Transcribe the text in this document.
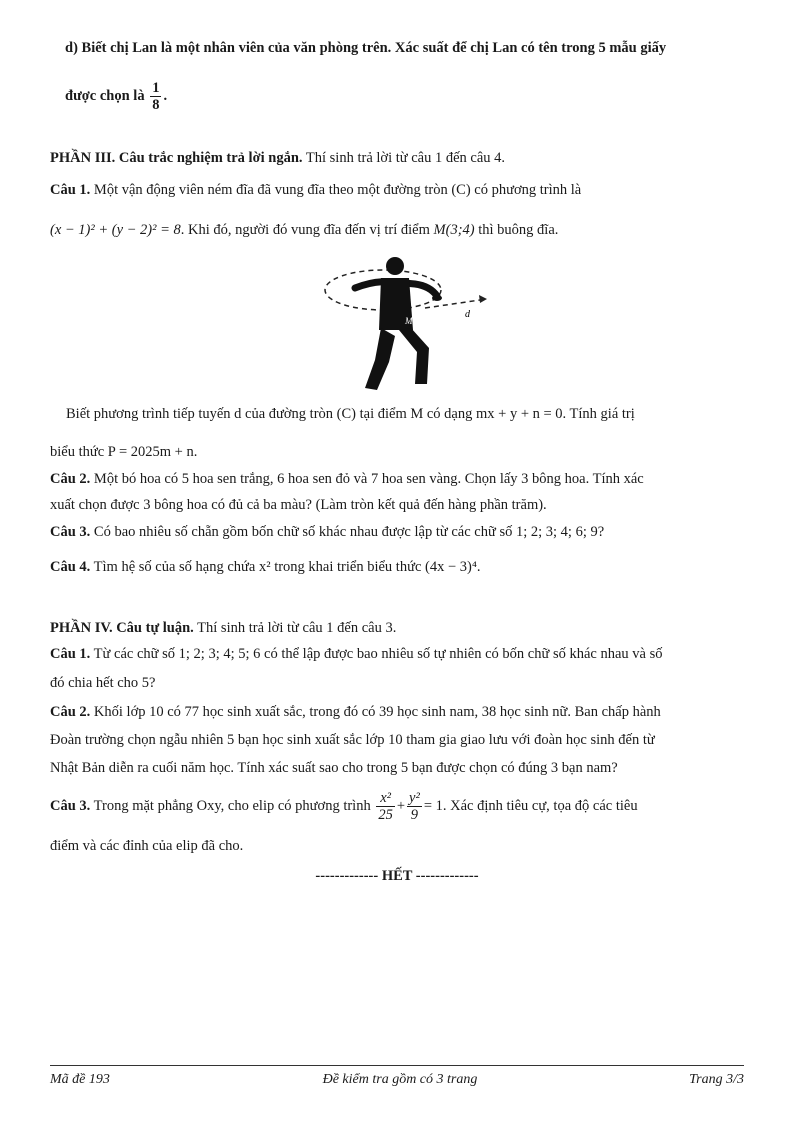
d) Biết chị Lan là một nhân viên của văn phòng trên. Xác suất để chị Lan có tên trong 5 mẫu giấy
được chọn là $\frac{1}{8}$ .
PHẦN III. Câu trắc nghiệm trả lời ngắn. Thí sinh trả lời từ câu 1 đến câu 4.
Câu 1. Một vận động viên ném đĩa đã vung đĩa theo một đường tròn (C) có phương trình là
(x − 1)² + (y − 2)² = 8. Khi đó, người đó vung đĩa đến vị trí điểm M(3;4) thì buông đĩa.
d
M
Biết phương trình tiếp tuyến d của đường tròn (C) tại điểm M có dạng mx + y + n = 0. Tính giá trị
biểu thức P = 2025m + n.
Câu 2. Một bó hoa có 5 hoa sen trắng, 6 hoa sen đỏ và 7 hoa sen vàng. Chọn lấy 3 bông hoa. Tính xác
xuất chọn được 3 bông hoa có đủ cả ba màu? (Làm tròn kết quả đến hàng phần trăm).
Câu 3. Có bao nhiêu số chẵn gồm bốn chữ số khác nhau được lập từ các chữ số 1; 2; 3; 4; 6; 9?
Câu 4. Tìm hệ số của số hạng chứa x² trong khai triển biểu thức (4x − 3)⁴.
PHẦN IV. Câu tự luận. Thí sinh trả lời từ câu 1 đến câu 3.
Câu 1. Từ các chữ số 1; 2; 3; 4; 5; 6 có thể lập được bao nhiêu số tự nhiên có bốn chữ số khác nhau và số
đó chia hết cho 5?
Câu 2. Khối lớp 10 có 77 học sinh xuất sắc, trong đó có 39 học sinh nam, 38 học sinh nữ. Ban chấp hành
Đoàn trường chọn ngẫu nhiên 5 bạn học sinh xuất sắc lớp 10 tham gia giao lưu với đoàn học sinh đến từ
Nhật Bản diễn ra cuối năm học. Tính xác suất sao cho trong 5 bạn được chọn có đúng 3 bạn nam?
Câu 3. Trong mặt phẳng Oxy, cho elip có phương trình $\frac{\text{x²}}{25} + \frac{\text{y²}}{9} = 1$. Xác định tiêu cự, tọa độ các tiêu
điểm và các đỉnh của elip đã cho.
------------- HẾT -------------
Mã đề 193	Đề kiểm tra gồm có 3 trang	Trang 3/3
